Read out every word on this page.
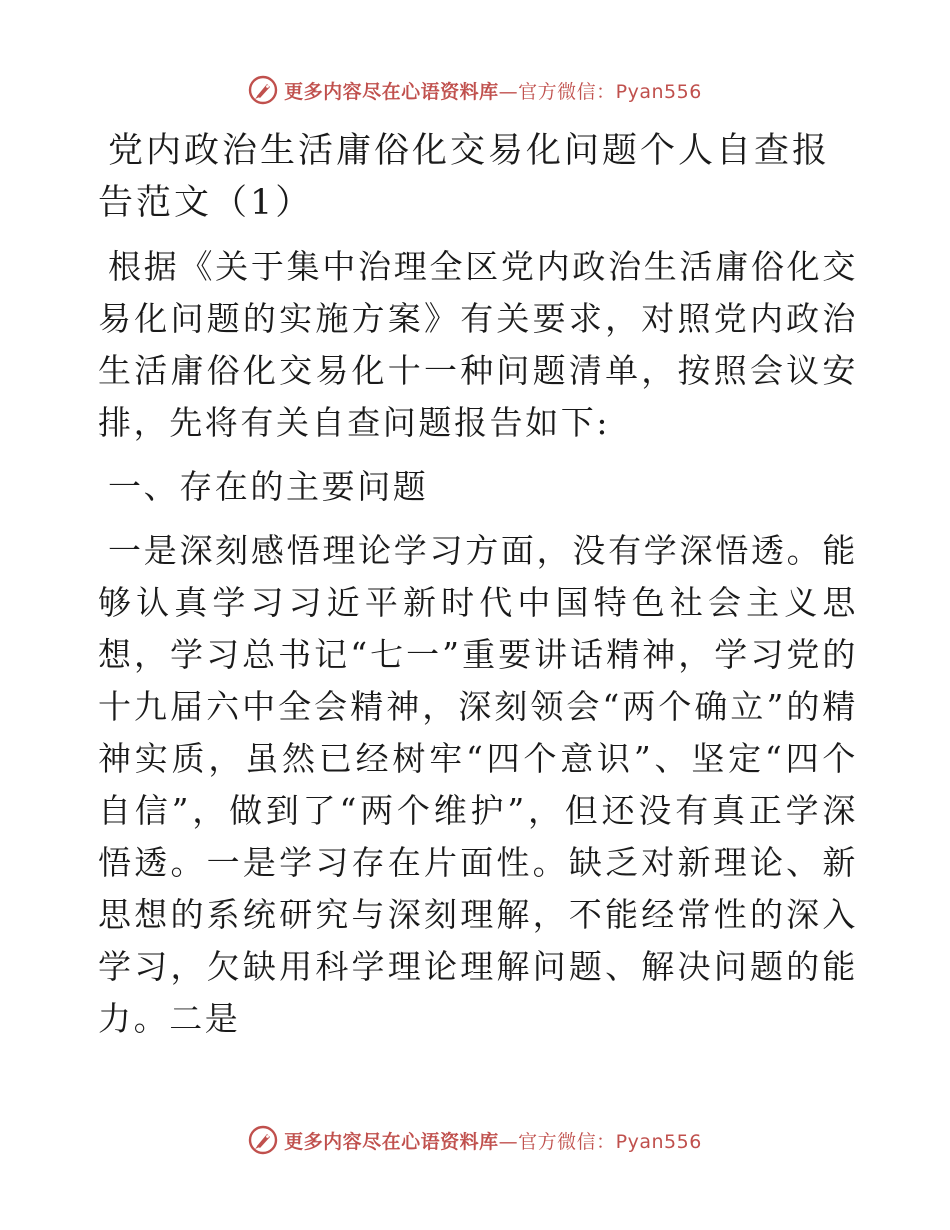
更多内容尽在心语资料库—官方微信：Pyan556
党内政治生活庸俗化交易化问题个人自查报告范文（1）

根据《关于集中治理全区党内政治生活庸俗化交易化问题的实施方案》有关要求，对照党内政治生活庸俗化交易化十一种问题清单，按照会议安排，先将有关自查问题报告如下:

一、存在的主要问题

一是深刻感悟理论学习方面，没有学深悟透。能够认真学习习近平新时代中国特色社会主义思想，学习总书记“七一”重要讲话精神，学习党的十九届六中全会精神，深刻领会“两个确立”的精神实质，虽然已经树牢“四个意识”、坚定“四个自信”，做到了“两个维护”，但还没有真正学深悟透。一是学习存在片面性。缺乏对新理论、新思想的系统研究与深刻理解，不能经常性的深入学习，欠缺用科学理论理解问题、解决问题的能力。二是

更多内容尽在心语资料库—官方微信：Pyan556
